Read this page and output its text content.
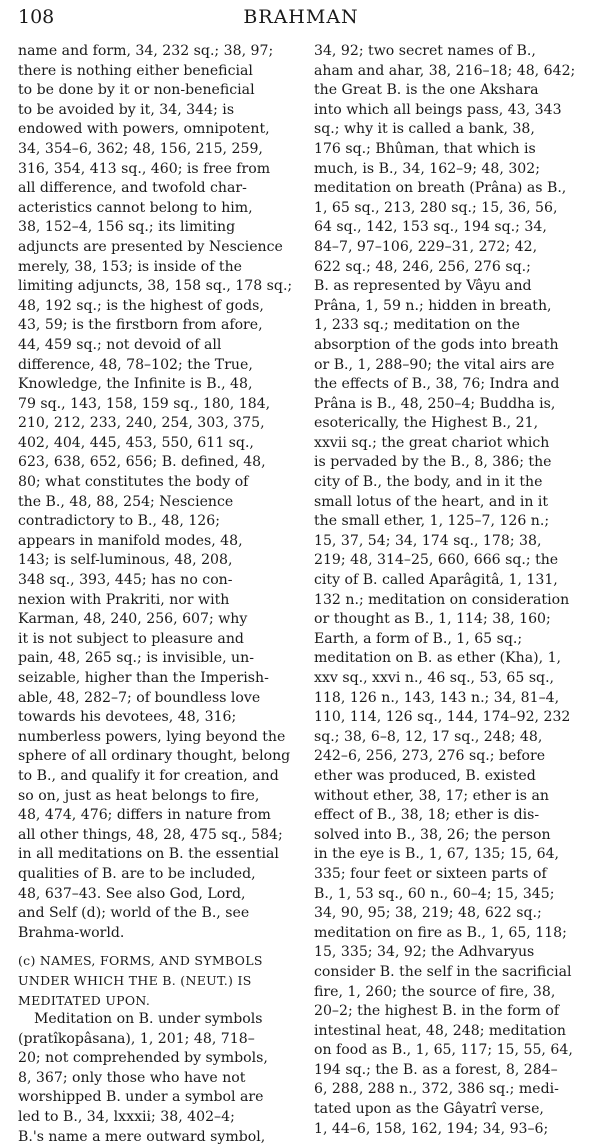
108	BRAHMAN
name and form, 34, 232 sq.; 38, 97;
there is nothing either beneficial
to be done by it or non-beneficial
to be avoided by it, 34, 344; is
endowed with powers, omnipotent,
34, 354–6, 362; 48, 156, 215, 259,
316, 354, 413 sq., 460; is free from
all difference, and twofold char-
acteristics cannot belong to him,
38, 152–4, 156 sq.; its limiting
adjuncts are presented by Nescience
merely, 38, 153; is inside of the
limiting adjuncts, 38, 158 sq., 178 sq.;
48, 192 sq.; is the highest of gods,
43, 59; is the firstborn from afore,
44, 459 sq.; not devoid of all
difference, 48, 78–102; the True,
Knowledge, the Infinite is B., 48,
79 sq., 143, 158, 159 sq., 180, 184,
210, 212, 233, 240, 254, 303, 375,
402, 404, 445, 453, 550, 611 sq.,
623, 638, 652, 656; B. defined, 48,
80; what constitutes the body of
the B., 48, 88, 254; Nescience
contradictory to B., 48, 126;
appears in manifold modes, 48,
143; is self-luminous, 48, 208,
348 sq., 393, 445; has no con-
nexion with Prakriti, nor with
Karman, 48, 240, 256, 607; why
it is not subject to pleasure and
pain, 48, 265 sq.; is invisible, un-
seizable, higher than the Imperish-
able, 48, 282–7; of boundless love
towards his devotees, 48, 316;
numberless powers, lying beyond the
sphere of all ordinary thought, belong
to B., and qualify it for creation, and
so on, just as heat belongs to fire,
48, 474, 476; differs in nature from
all other things, 48, 28, 475 sq., 584;
in all meditations on B. the essential
qualities of B. are to be included,
48, 637–43. See also God, Lord,
and Self (d); world of the B., see
Brahma-world.
(c) NAMES, FORMS, AND SYMBOLS
UNDER WHICH THE B. (NEUT.) IS
MEDITATED UPON.
Meditation on B. under symbols
(pratîkopâsana), 1, 201; 48, 718–
20; not comprehended by symbols,
8, 367; only those who have not
worshipped B. under a symbol are
led to B., 34, lxxxii; 38, 402–4;
B.'s name a mere outward symbol,
34, 92; two secret names of B.,
aham and ahar, 38, 216–18; 48, 642;
the Great B. is the one Akshara
into which all beings pass, 43, 343
sq.; why it is called a bank, 38,
176 sq.; Bhûman, that which is
much, is B., 34, 162–9; 48, 302;
meditation on breath (Prâna) as B.,
1, 65 sq., 213, 280 sq.; 15, 36, 56,
64 sq., 142, 153 sq., 194 sq.; 34,
84–7, 97–106, 229–31, 272; 42,
622 sq.; 48, 246, 256, 276 sq.;
B. as represented by Vâyu and
Prâna, 1, 59 n.; hidden in breath,
1, 233 sq.; meditation on the
absorption of the gods into breath
or B., 1, 288–90; the vital airs are
the effects of B., 38, 76; Indra and
Prâna is B., 48, 250–4; Buddha is,
esoterically, the Highest B., 21,
xxvii sq.; the great chariot which
is pervaded by the B., 8, 386; the
city of B., the body, and in it the
small lotus of the heart, and in it
the small ether, 1, 125–7, 126 n.;
15, 37, 54; 34, 174 sq., 178; 38,
219; 48, 314–25, 660, 666 sq.; the
city of B. called Aparâgitâ, 1, 131,
132 n.; meditation on consideration
or thought as B., 1, 114; 38, 160;
Earth, a form of B., 1, 65 sq.;
meditation on B. as ether (Kha), 1,
xxv sq., xxvi n., 46 sq., 53, 65 sq.,
118, 126 n., 143, 143 n.; 34, 81–4,
110, 114, 126 sq., 144, 174–92, 232
sq.; 38, 6–8, 12, 17 sq., 248; 48,
242–6, 256, 273, 276 sq.; before
ether was produced, B. existed
without ether, 38, 17; ether is an
effect of B., 38, 18; ether is dis-
solved into B., 38, 26; the person
in the eye is B., 1, 67, 135; 15, 64,
335; four feet or sixteen parts of
B., 1, 53 sq., 60 n., 60–4; 15, 345;
34, 90, 95; 38, 219; 48, 622 sq.;
meditation on fire as B., 1, 65, 118;
15, 335; 34, 92; the Adhvaryus
consider B. the self in the sacrificial
fire, 1, 260; the source of fire, 38,
20–2; the highest B. in the form of
intestinal heat, 48, 248; meditation
on food as B., 1, 65, 117; 15, 55, 64,
194 sq.; the B. as a forest, 8, 284–
6, 288, 288 n., 372, 386 sq.; medi-
tated upon as the Gâyatrî verse,
1, 44–6, 158, 162, 194; 34, 93–6;
